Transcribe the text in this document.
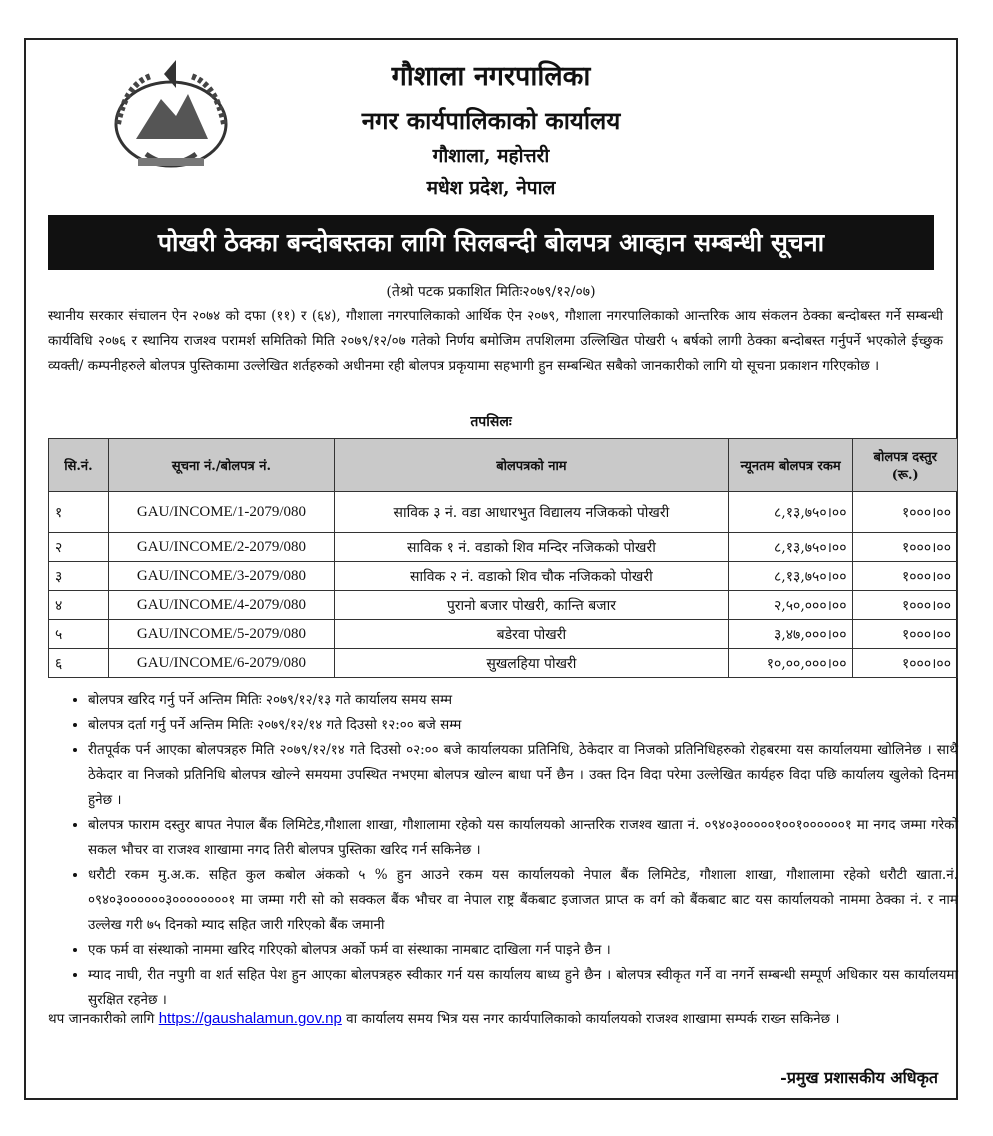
गौशाला नगरपालिका
नगर कार्यपालिकाको कार्यालय
गौशाला, महोत्तरी
मधेश प्रदेश, नेपाल
पोखरी ठेक्का बन्दोबस्तका लागि सिलबन्दी बोलपत्र आव्हान सम्बन्धी सूचना
(तेश्रो पटक प्रकाशित मितिः२०७९/१२/०७)
स्थानीय सरकार संचालन ऐन २०७४ को दफा (११) र (६४), गौशाला नगरपालिकाको आर्थिक ऐन २०७९, गौशाला नगरपालिकाको आन्तरिक आय संकलन ठेक्का बन्दोबस्त गर्ने सम्बन्धी कार्यविधि २०७६ र स्थानिय राजश्व परामर्श समितिको मिति २०७९/१२/०७ गतेको निर्णय बमोजिम तपशिलमा उल्लिखित पोखरी ५ बर्षको लागी ठेक्का बन्दोबस्त गर्नुपर्ने भएकोले ईच्छुक व्यक्ती/ कम्पनीहरुले बोलपत्र पुस्तिकामा उल्लेखित शर्तहरुको अधीनमा रही बोलपत्र प्रकृयामा सहभागी हुन सम्बन्धित सबैको जानकारीको लागि यो सूचना प्रकाशन गरिएकोछ ।
तपसिलः
सि.नं.	सूचना नं./बोलपत्र नं.	बोलपत्रको नाम	न्यूनतम बोलपत्र रकम	बोलपत्र दस्तुर (रू.)
१	GAU/INCOME/1-2079/080	साविक ३ नं. वडा आधारभुत विद्यालय नजिकको पोखरी	८,१३,७५०।००	१०००।००
२	GAU/INCOME/2-2079/080	साविक १ नं. वडाको शिव मन्दिर नजिकको पोखरी	८,१३,७५०।००	१०००।००
३	GAU/INCOME/3-2079/080	साविक २ नं. वडाको शिव चौक नजिकको पोखरी	८,१३,७५०।००	१०००।००
४	GAU/INCOME/4-2079/080	पुरानो बजार पोखरी, कान्ति बजार	२,५०,०००।००	१०००।००
५	GAU/INCOME/5-2079/080	बडेरवा पोखरी	३,४७,०००।००	१०००।००
६	GAU/INCOME/6-2079/080	सुखलहिया पोखरी	१०,००,०००।००	१०००।००
• बोलपत्र खरिद गर्नु पर्ने अन्तिम मितिः २०७९/१२/१३ गते कार्यालय समय सम्म
• बोलपत्र दर्ता गर्नु पर्ने अन्तिम मितिः २०७९/१२/१४ गते दिउसो १२:०० बजे सम्म
• रीतपूर्वक पर्न आएका बोलपत्रहरु मिति २०७९/१२/१४ गते दिउसो ०२:०० बजे कार्यालयका प्रतिनिधि, ठेकेदार वा निजको प्रतिनिधिहरुको रोहबरमा यस कार्यालयमा खोलिनेछ । साथै ठेकेदार वा निजको प्रतिनिधि बोलपत्र खोल्ने समयमा उपस्थित नभएमा बोलपत्र खोल्न बाधा पर्ने छैन । उक्त दिन विदा परेमा उल्लेखित कार्यहरु विदा पछि कार्यालय खुलेको दिनमा हुनेछ ।
• बोलपत्र फाराम दस्तुर बापत नेपाल बैंक लिमिटेड,गौशाला शाखा, गौशालामा रहेको यस कार्यालयको आन्तरिक राजश्व खाता नं. ०९४०३०००००१००१००००००१ मा नगद जम्मा गरेको सकल भौचर वा राजश्व शाखामा नगद तिरी बोलपत्र पुस्तिका खरिद गर्न सकिनेछ ।
• धरौटी रकम मु.अ.क. सहित कुल कबोल अंकको ५ % हुन आउने रकम यस कार्यालयको नेपाल बैंक लिमिटेड, गौशाला शाखा, गौशालामा रहेको धरौटी खाता.नं. ०९४०३००००००३००००००००१ मा जम्मा गरी सो को सक्कल बैंक भौचर वा नेपाल राष्ट्र बैंकबाट इजाजत प्राप्त क वर्ग को बैंकबाट बाट यस कार्यालयको नाममा ठेक्का नं. र नाम उल्लेख गरी ७५ दिनको म्याद सहित जारी गरिएको बैंक जमानी
• एक फर्म वा संस्थाको नाममा खरिद गरिएको बोलपत्र अर्को फर्म वा संस्थाका नामबाट दाखिला गर्न पाइने छैन ।
• म्याद नाघी, रीत नपुगी वा शर्त सहित पेश हुन आएका बोलपत्रहरु स्वीकार गर्न यस कार्यालय बाध्य हुने छैन । बोलपत्र स्वीकृत गर्ने वा नगर्ने सम्बन्धी सम्पूर्ण अधिकार यस कार्यालयमा सुरक्षित रहनेछ ।
थप जानकारीको लागि https://gaushalamun.gov.np वा कार्यालय समय भित्र यस नगर कार्यपालिकाको कार्यालयको राजश्व शाखामा सम्पर्क राख्न सकिनेछ ।
-प्रमुख प्रशासकीय अधिकृत
